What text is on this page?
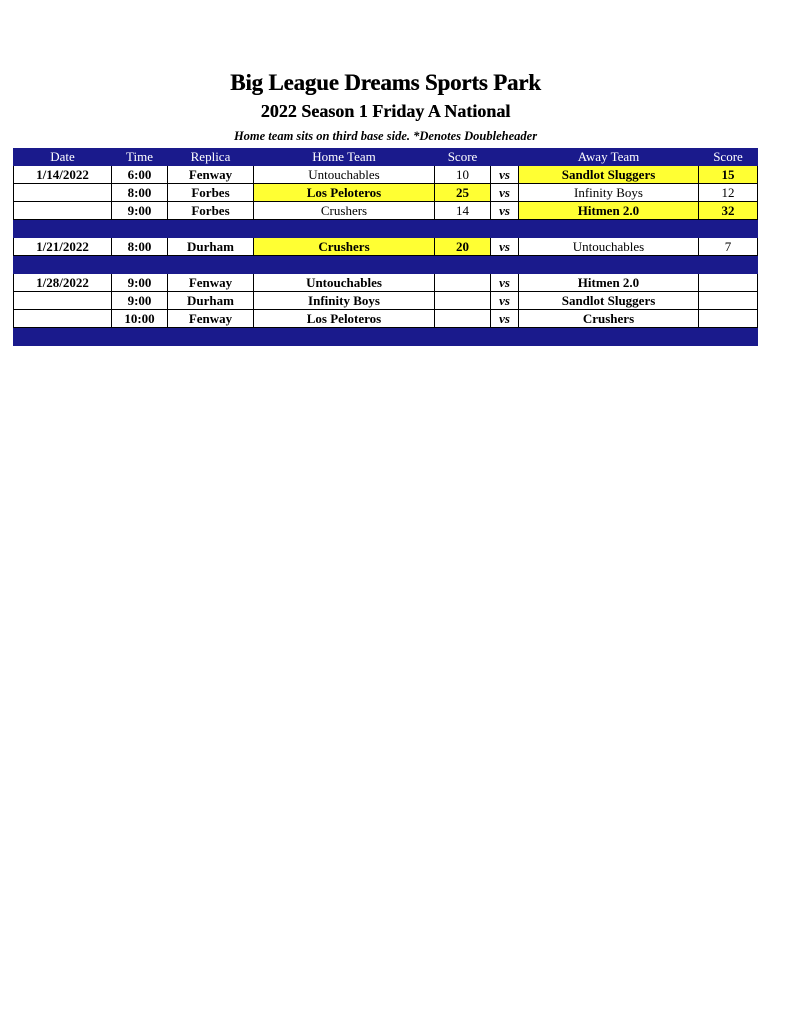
Big League Dreams Sports Park
2022 Season 1 Friday A National
Home team sits on third base side. *Denotes Doubleheader
Date	Time	Replica	Home Team	Score		Away Team	Score
1/14/2022	6:00	Fenway	Untouchables	10	vs	Sandlot Sluggers	15
	8:00	Forbes	Los Peloteros	25	vs	Infinity Boys	12
	9:00	Forbes	Crushers	14	vs	Hitmen 2.0	32

1/21/2022	8:00	Durham	Crushers	20	vs	Untouchables	7

1/28/2022	9:00	Fenway	Untouchables		vs	Hitmen 2.0	
	9:00	Durham	Infinity Boys		vs	Sandlot Sluggers	
	10:00	Fenway	Los Peloteros		vs	Crushers	
